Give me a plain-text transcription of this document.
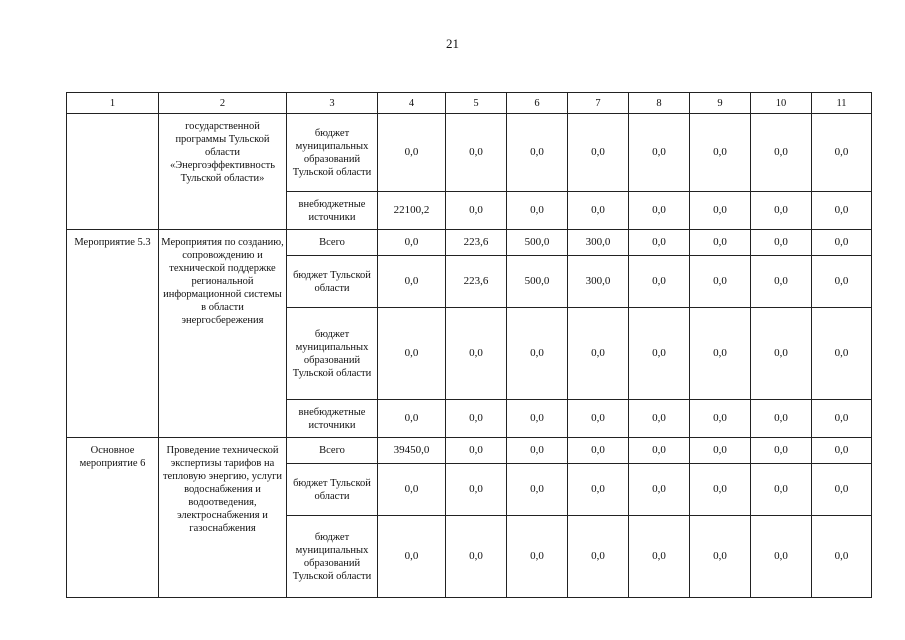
21
1	2	3	4	5	6	7	8	9	10	11
	государственной программы Тульской области «Энергоэффективность Тульской области»	бюджет муниципальных образований Тульской области	0,0	0,0	0,0	0,0	0,0	0,0	0,0	0,0
		внебюджетные источники	22100,2	0,0	0,0	0,0	0,0	0,0	0,0	0,0
Мероприятие 5.3	Мероприятия по созданию, сопровождению и технической поддержке региональной информационной системы в области энергосбережения	Всего	0,0	223,6	500,0	300,0	0,0	0,0	0,0	0,0
		бюджет Тульской области	0,0	223,6	500,0	300,0	0,0	0,0	0,0	0,0
		бюджет муниципальных образований Тульской области	0,0	0,0	0,0	0,0	0,0	0,0	0,0	0,0
		внебюджетные источники	0,0	0,0	0,0	0,0	0,0	0,0	0,0	0,0
Основное мероприятие 6	Проведение технической экспертизы тарифов на тепловую энергию, услуги водоснабжения и водоотведения, электроснабжения и газоснабжения	Всего	39450,0	0,0	0,0	0,0	0,0	0,0	0,0	0,0
		бюджет Тульской области	0,0	0,0	0,0	0,0	0,0	0,0	0,0	0,0
		бюджет муниципальных образований Тульской области	0,0	0,0	0,0	0,0	0,0	0,0	0,0	0,0
